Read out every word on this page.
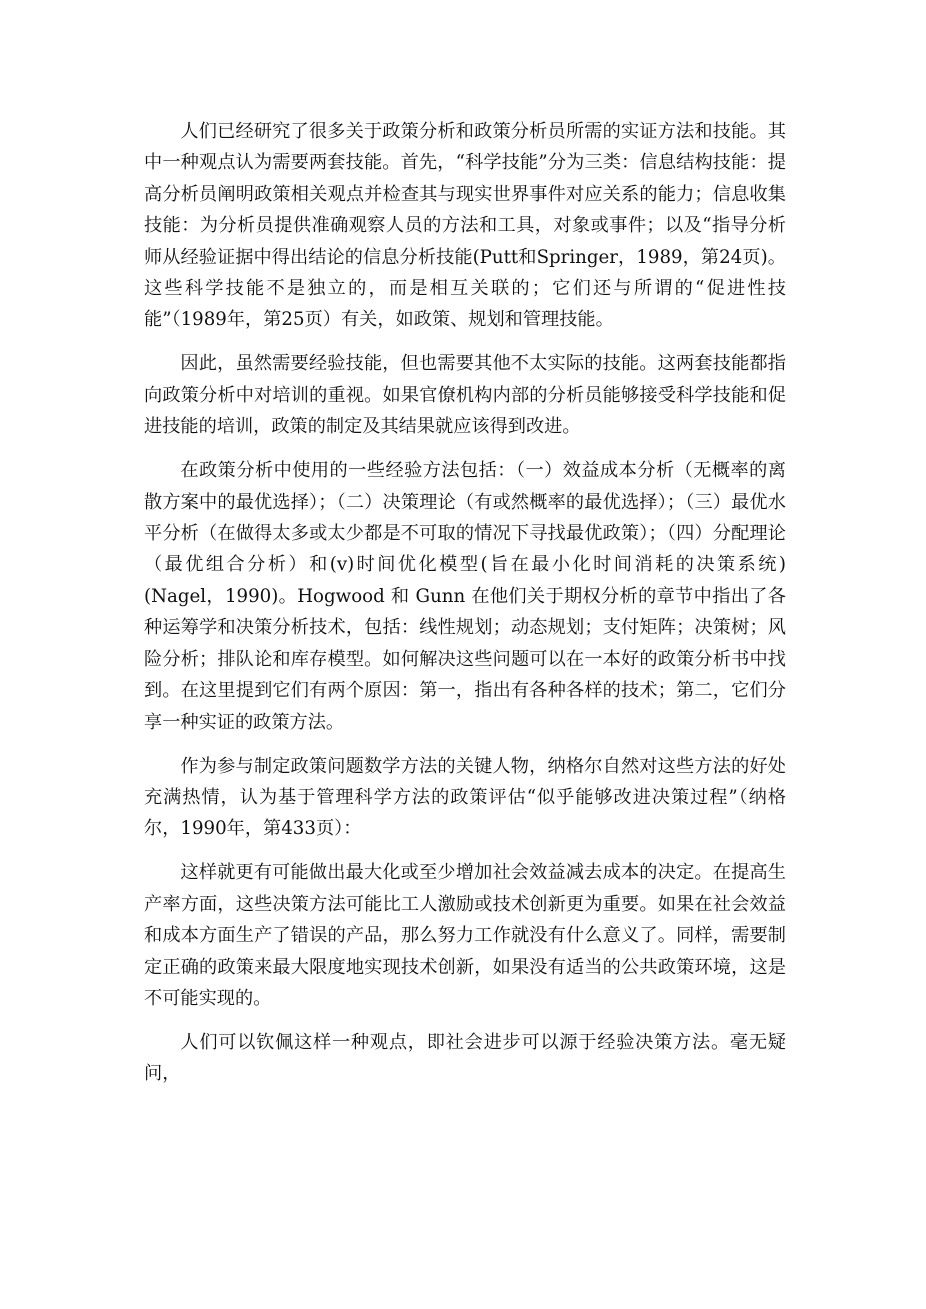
人们已经研究了很多关于政策分析和政策分析员所需的实证方法和技能。其中一种观点认为需要两套技能。首先，“科学技能”分为三类：信息结构技能：提高分析员阐明政策相关观点并检查其与现实世界事件对应关系的能力；信息收集技能：为分析员提供准确观察人员的方法和工具，对象或事件；以及“指导分析师从经验证据中得出结论的信息分析技能(Putt和Springer，1989，第24页)。这些科学技能不是独立的，而是相互关联的；它们还与所谓的“促进性技能”（1989年，第25页）有关，如政策、规划和管理技能。

因此，虽然需要经验技能，但也需要其他不太实际的技能。这两套技能都指向政策分析中对培训的重视。如果官僚机构内部的分析员能够接受科学技能和促进技能的培训，政策的制定及其结果就应该得到改进。

在政策分析中使用的一些经验方法包括：（一）效益成本分析（无概率的离散方案中的最优选择）；（二）决策理论（有或然概率的最优选择）；（三）最优水平分析（在做得太多或太少都是不可取的情况下寻找最优政策）；（四）分配理论（最优组合分析）和(v)时间优化模型(旨在最小化时间消耗的决策系统)(Nagel，1990)。Hogwood 和 Gunn 在他们关于期权分析的章节中指出了各种运筹学和决策分析技术，包括：线性规划；动态规划；支付矩阵；决策树；风险分析；排队论和库存模型。如何解决这些问题可以在一本好的政策分析书中找到。在这里提到它们有两个原因：第一，指出有各种各样的技术；第二，它们分享一种实证的政策方法。

作为参与制定政策问题数学方法的关键人物，纳格尔自然对这些方法的好处充满热情，认为基于管理科学方法的政策评估“似乎能够改进决策过程”（纳格尔，1990年，第433页）：

这样就更有可能做出最大化或至少增加社会效益减去成本的决定。在提高生产率方面，这些决策方法可能比工人激励或技术创新更为重要。如果在社会效益和成本方面生产了错误的产品，那么努力工作就没有什么意义了。同样，需要制定正确的政策来最大限度地实现技术创新，如果没有适当的公共政策环境，这是不可能实现的。

人们可以钦佩这样一种观点，即社会进步可以源于经验决策方法。毫无疑问，
